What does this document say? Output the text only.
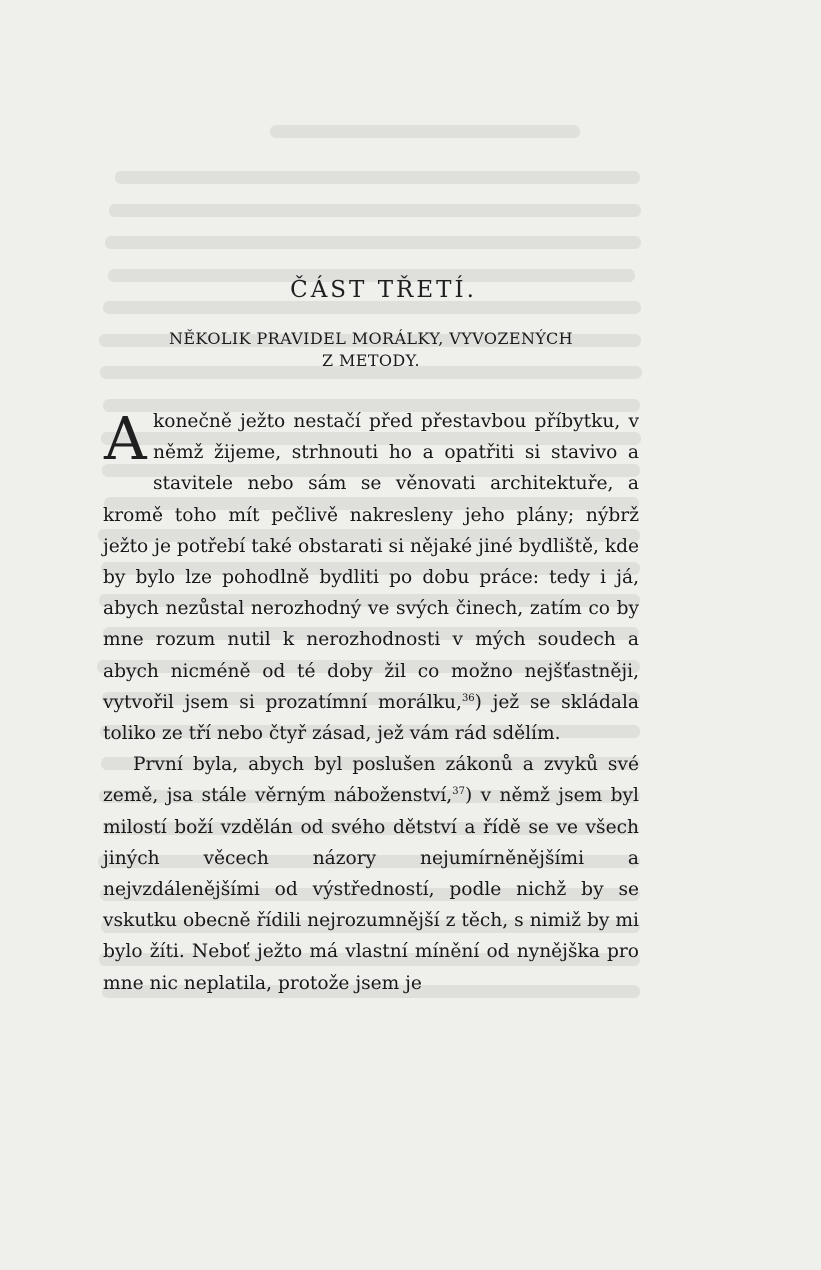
ČÁST TŘETÍ.
NĚKOLIK PRAVIDEL MORÁLKY, VYVOZENÝCH
Z METODY.

Akonečně ježto nestačí před přestavbou příbytku, v němž žijeme, strhnouti ho a opatřiti si stavivo a stavitele nebo sám se věnovati architektuře, a kromě toho mít pečlivě nakresleny jeho plány; nýbrž ježto je potřebí také obstarati si nějaké jiné bydliště, kde by bylo lze pohodlně bydliti po dobu práce: tedy i já, abych nezůstal nerozhodný ve svých činech, zatím co by mne rozum nutil k nerozhodnosti v mých soudech a abych nicméně od té doby žil co možno nejšťastněji, vytvořil jsem si prozatímní morálku,$^{36}$) jež se skládala toliko ze tří nebo čtyř zásad, jež vám rád sdělím.

První byla, abych byl poslušen zákonů a zvyků své země, jsa stále věrným náboženství,$^{37}$) v němž jsem byl milostí boží vzdělán od svého dětství a řídě se ve všech jiných věcech názory nejumírněnějšími a nejvzdálenějšími od výstředností, podle nichž by se vskutku obecně řídili nejrozumnější z těch, s nimiž by mi bylo žíti. Neboť ježto má vlastní mínění od nynějška pro mne nic neplatila, protože jsem je
